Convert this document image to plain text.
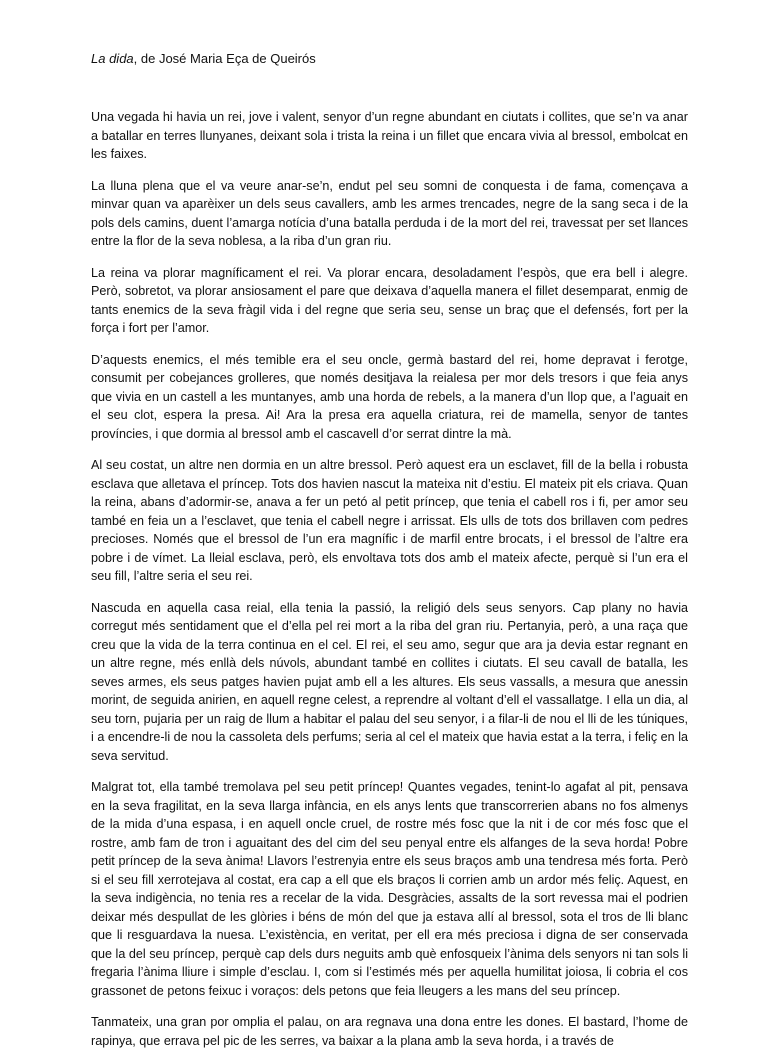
La dida, de José Maria Eça de Queirós

Una vegada hi havia un rei, jove i valent, senyor d’un regne abundant en ciutats i collites, que se’n va anar a batallar en terres llunyanes, deixant sola i trista la reina i un fillet que encara vivia al bressol, embolcat en les faixes.

La lluna plena que el va veure anar-se’n, endut pel seu somni de conquesta i de fama, començava a minvar quan va aparèixer un dels seus cavallers, amb les armes trencades, negre de la sang seca i de la pols dels camins, duent l’amarga notícia d’una batalla perduda i de la mort del rei, travessat per set llances entre la flor de la seva noblesa, a la riba d’un gran riu.

La reina va plorar magníficament el rei. Va plorar encara, desoladament l’espòs, que era bell i alegre. Però, sobretot, va plorar ansiosament el pare que deixava d’aquella manera el fillet desemparat, enmig de tants enemics de la seva fràgil vida i del regne que seria seu, sense un braç que el defensés, fort per la força i fort per l’amor.

D’aquests enemics, el més temible era el seu oncle, germà bastard del rei, home depravat i ferotge, consumit per cobejances grolleres, que només desitjava la reialesa per mor dels tresors i que feia anys que vivia en un castell a les muntanyes, amb una horda de rebels, a la manera d’un llop que, a l’aguait en el seu clot, espera la presa. Ai! Ara la presa era aquella criatura, rei de mamella, senyor de tantes províncies, i que dormia al bressol amb el cascavell d’or serrat dintre la mà.

Al seu costat, un altre nen dormia en un altre bressol. Però aquest era un esclavet, fill de la bella i robusta esclava que alletava el príncep. Tots dos havien nascut la mateixa nit d’estiu. El mateix pit els criava. Quan la reina, abans d’adormir-se, anava a fer un petó al petit príncep, que tenia el cabell ros i fi, per amor seu també en feia un a l’esclavet, que tenia el cabell negre i arrissat. Els ulls de tots dos brillaven com pedres precioses. Només que el bressol de l’un era magnífic i de marfil entre brocats, i el bressol de l’altre era pobre i de vímet. La lleial esclava, però, els envoltava tots dos amb el mateix afecte, perquè si l’un era el seu fill, l’altre seria el seu rei.

Nascuda en aquella casa reial, ella tenia la passió, la religió dels seus senyors. Cap plany no havia corregut més sentidament que el d’ella pel rei mort a la riba del gran riu. Pertanyia, però, a una raça que creu que la vida de la terra continua en el cel. El rei, el seu amo, segur que ara ja devia estar regnant en un altre regne, més enllà dels núvols, abundant també en collites i ciutats. El seu cavall de batalla, les seves armes, els seus patges havien pujat amb ell a les altures. Els seus vassalls, a mesura que anessin morint, de seguida anirien, en aquell regne celest, a reprendre al voltant d’ell el vassallatge. I ella un dia, al seu torn, pujaria per un raig de llum a habitar el palau del seu senyor, i a filar-li de nou el lli de les túniques, i a encendre-li de nou la cassoleta dels perfums; seria al cel el mateix que havia estat a la terra, i feliç en la seva servitud.

Malgrat tot, ella també tremolava pel seu petit príncep! Quantes vegades, tenint-lo agafat al pit, pensava en la seva fragilitat, en la seva llarga infància, en els anys lents que transcorrerien abans no fos almenys de la mida d’una espasa, i en aquell oncle cruel, de rostre més fosc que la nit i de cor més fosc que el rostre, amb fam de tron i aguaitant des del cim del seu penyal entre els alfanges de la seva horda! Pobre petit príncep de la seva ànima! Llavors l’estrenyia entre els seus braços amb una tendresa més forta. Però si el seu fill xerrotejava al costat, era cap a ell que els braços li corrien amb un ardor més feliç. Aquest, en la seva indigència, no tenia res a recelar de la vida. Desgràcies, assalts de la sort revessa mai el podrien deixar més despullat de les glòries i béns de món del que ja estava allí al bressol, sota el tros de lli blanc que li resguardava la nuesa. L’existència, en veritat, per ell era més preciosa i digna de ser conservada que la del seu príncep, perquè cap dels durs neguits amb què enfosqueix l’ànima dels senyors ni tan sols li fregaria l’ànima lliure i simple d’esclau. I, com si l’estimés més per aquella humilitat joiosa, li cobria el cos grassonet de petons feixuc i voraços: dels petons que feia lleugers a les mans del seu príncep.

Tanmateix, una gran por omplia el palau, on ara regnava una dona entre les dones. El bastard, l’home de rapinya, que errava pel pic de les serres, va baixar a la plana amb la seva horda, i a través de
